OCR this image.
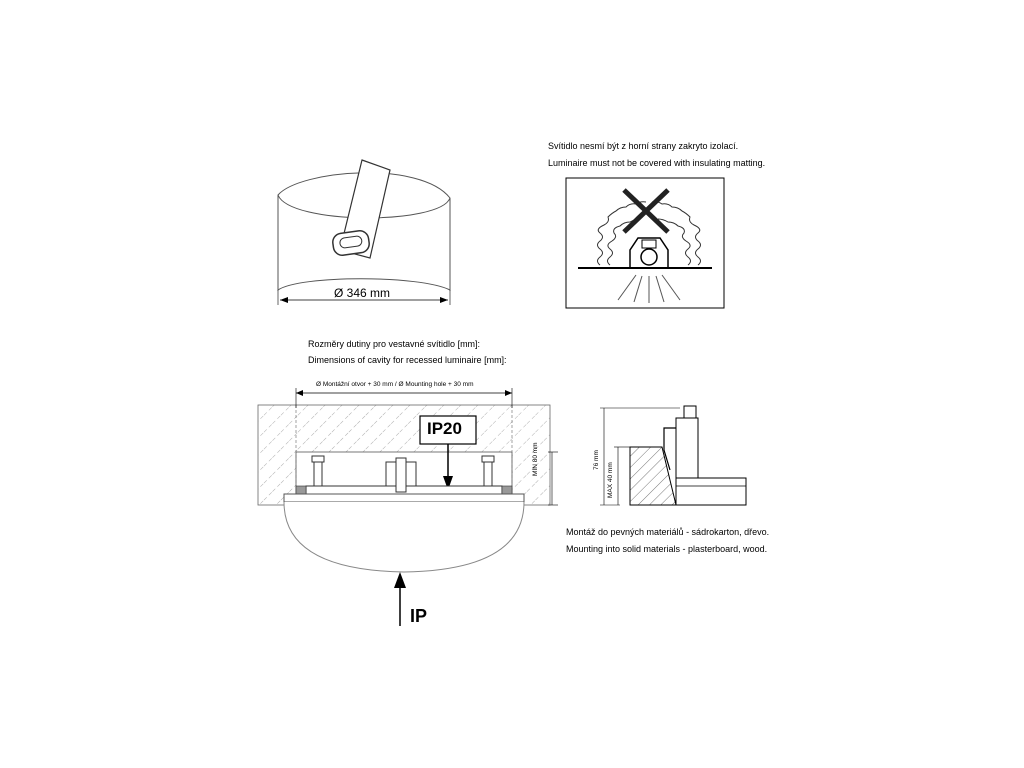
Svítidlo nesmí být z horní strany zakryto izolací.
Luminaire must not be covered with insulating matting.
Ø 346 mm
Rozměry dutiny pro vestavné svítidlo [mm]:
Dimensions of cavity for recessed luminaire [mm]:
Ø Montážní otvor + 30 mm / Ø Mounting hole + 30 mm
IP20
MIN 80 mm
IP
76 mm
MAX 40 mm
Montáž do pevných materiálů - sádrokarton, dřevo.
Mounting into solid materials - plasterboard, wood.
